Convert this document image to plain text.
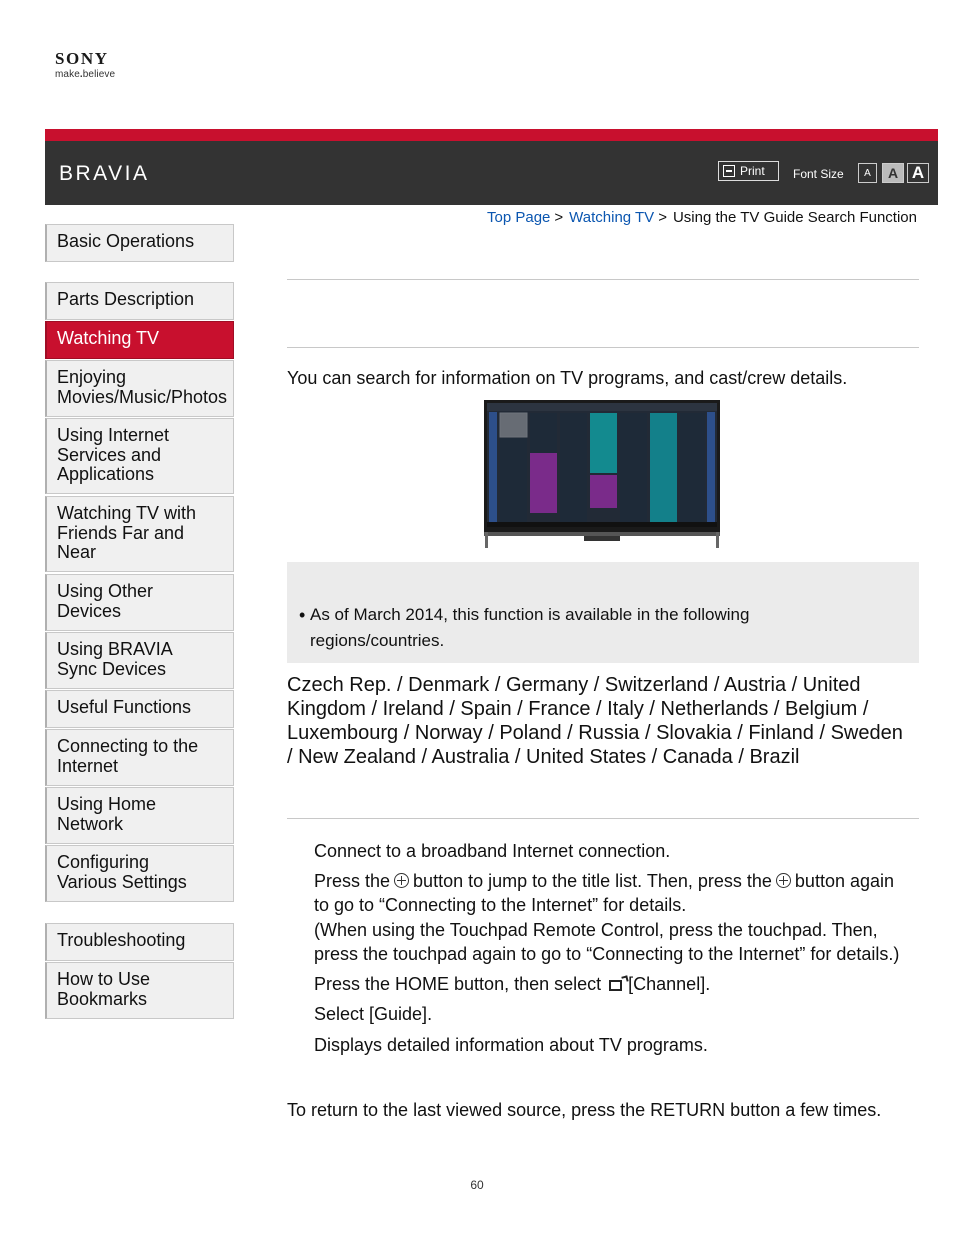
SONY
make.believe
BRAVIA	Print Font Size	A	A A
Top Page > Watching TV > Using the TV Guide Search Function
Basic Operations
Parts Description
Watching TV
Enjoying
Movies/Music/Photos
Using Internet
Services and
Applications
Watching TV with
Friends Far and
Near
Using Other
Devices
Using BRAVIA
Sync Devices
Useful Functions
Connecting to the
Internet
Using Home
Network
Configuring
Various Settings
Troubleshooting
How to Use
Bookmarks
You can search for information on TV programs, and cast/crew details.
• As of March 2014, this function is available in the following regions/countries.
Czech Rep. / Denmark / Germany / Switzerland / Austria / United Kingdom / Ireland / Spain / France / Italy / Netherlands / Belgium / Luxembourg / Norway / Poland / Russia / Slovakia / Finland / Sweden / New Zealand / Australia / United States / Canada / Brazil

Connect to a broadband Internet connection.

Press the button to jump to the title list. Then, press the button again to go to “Connecting to the Internet” for details.
(When using the Touchpad Remote Control, press the touchpad. Then, press the touchpad again to go to “Connecting to the Internet” for details.)

Press the HOME button, then select [Channel].

Select [Guide].

Displays detailed information about TV programs.

To return to the last viewed source, press the RETURN button a few times.
60
